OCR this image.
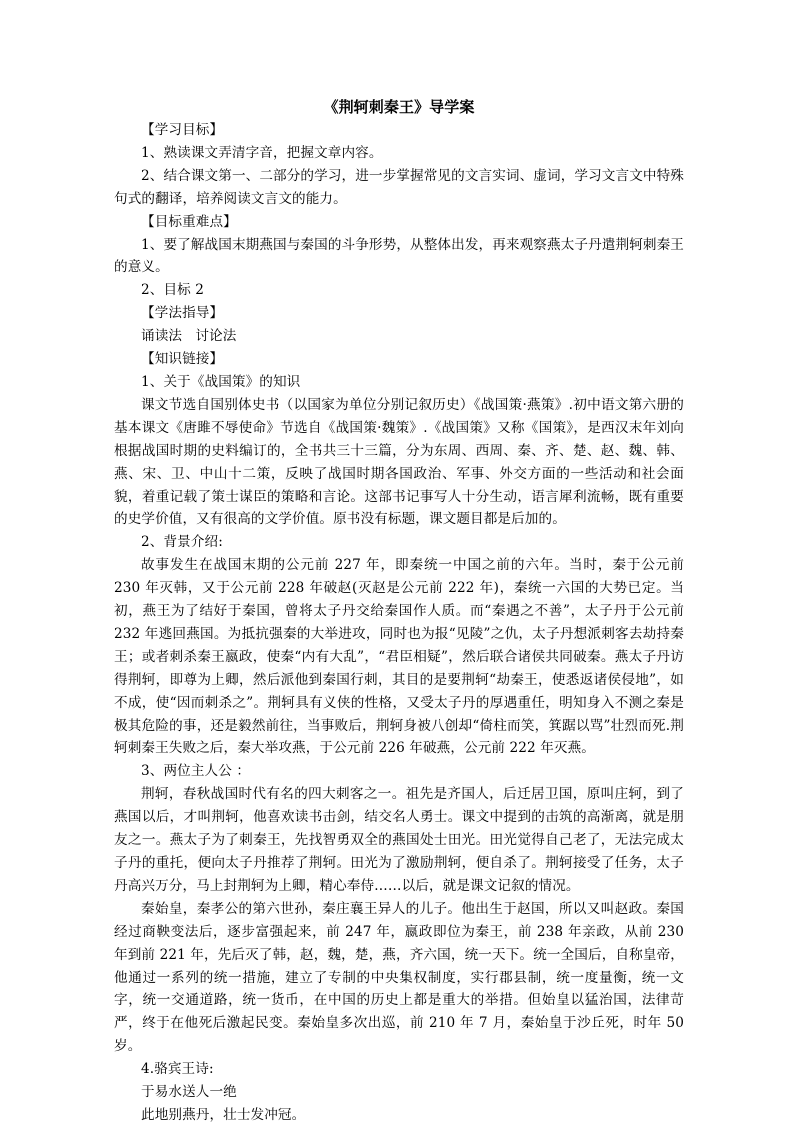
《荆轲刺秦王》导学案

【学习目标】

1、熟读课文弄清字音，把握文章内容。

2、结合课文第一、二部分的学习，进一步掌握常见的文言实词、虚词，学习文言文中特殊句式的翻译，培养阅读文言文的能力。

【目标重难点】

1、要了解战国末期燕国与秦国的斗争形势，从整体出发，再来观察燕太子丹遣荆轲刺秦王的意义。

2、目标 2

【学法指导】

诵读法   讨论法

【知识链接】

1、关于《战国策》的知识

课文节选自国别体史书（以国家为单位分别记叙历史）《战国策·燕策》.初中语文第六册的基本课文《唐雎不辱使命》节选自《战国策·魏策》.《战国策》又称《国策》，是西汉末年刘向根据战国时期的史料编订的，全书共三十三篇，分为东周、西周、秦、齐、楚、赵、魏、韩、燕、宋、卫、中山十二策，反映了战国时期各国政治、军事、外交方面的一些活动和社会面貌，着重记载了策士谋臣的策略和言论。这部书记事写人十分生动，语言犀利流畅，既有重要的史学价值，又有很高的文学价值。原书没有标题，课文题目都是后加的。

2、背景介绍:

故事发生在战国末期的公元前 227 年，即秦统一中国之前的六年。当时，秦于公元前 230 年灭韩，又于公元前 228 年破赵(灭赵是公元前 222 年)，秦统一六国的大势已定。当初，燕王为了结好于秦国，曾将太子丹交给秦国作人质。而“秦遇之不善”，太子丹于公元前 232 年逃回燕国。为抵抗强秦的大举进攻，同时也为报“见陵”之仇，太子丹想派刺客去劫持秦王；或者刺杀秦王嬴政，使秦“内有大乱”，“君臣相疑”，然后联合诸侯共同破秦。燕太子丹访得荆轲，即尊为上卿，然后派他到秦国行刺，其目的是要荆轲“劫秦王，使悉返诸侯侵地”，如不成，使“因而刺杀之”。荆轲具有义侠的性格，又受太子丹的厚遇重任，明知身入不测之秦是极其危险的事，还是毅然前往，当事败后，荆轲身被八创却“倚柱而笑，箕踞以骂”壮烈而死.荆轲刺秦王失败之后，秦大举攻燕，于公元前 226 年破燕，公元前 222 年灭燕。

3、两位主人公 ：

荆轲，春秋战国时代有名的四大刺客之一。祖先是齐国人，后迁居卫国，原叫庄轲，到了燕国以后，才叫荆轲，他喜欢读书击剑，结交名人勇士。课文中提到的击筑的高渐离，就是朋友之一。燕太子为了刺秦王，先找智勇双全的燕国处士田光。田光觉得自己老了，无法完成太子丹的重托，便向太子丹推荐了荆轲。田光为了激励荆轲，便自杀了。荆轲接受了任务，太子丹高兴万分，马上封荆轲为上卿，精心奉侍……以后，就是课文记叙的情况。

秦始皇，秦孝公的第六世孙，秦庄襄王异人的儿子。他出生于赵国，所以又叫赵政。秦国经过商鞅变法后，逐步富强起来，前 247 年，嬴政即位为秦王，前 238 年亲政，从前 230 年到前 221 年，先后灭了韩，赵，魏，楚，燕，齐六国，统一天下。统一全国后，自称皇帝，他通过一系列的统一措施，建立了专制的中央集权制度，实行郡县制，统一度量衡，统一文字，统一交通道路，统一货币，在中国的历史上都是重大的举措。但始皇以猛治国，法律苛严，终于在他死后激起民变。秦始皇多次出巡，前 210 年 7 月，秦始皇于沙丘死，时年 50 岁。

4.骆宾王诗:

于易水送人一绝

此地别燕丹，壮士发冲冠。
